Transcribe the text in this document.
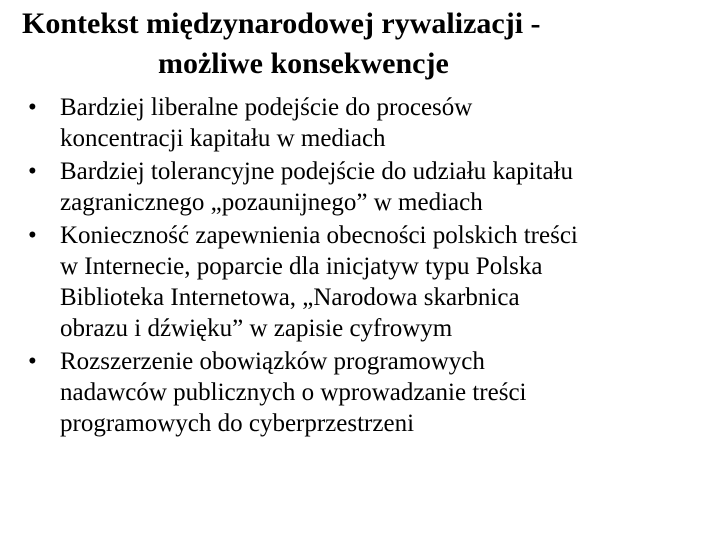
Kontekst międzynarodowej rywalizacji -
możliwe konsekwencje
• Bardziej liberalne podejście do procesów
koncentracji kapitału w mediach
• Bardziej tolerancyjne podejście do udziału kapitału
zagranicznego „pozaunijnego” w mediach
• Konieczność zapewnienia obecności polskich treści
w Internecie, poparcie dla inicjatyw typu Polska
Biblioteka Internetowa, „Narodowa skarbnica
obrazu i dźwięku” w zapisie cyfrowym
• Rozszerzenie obowiązków programowych
nadawców publicznych o wprowadzanie treści
programowych do cyberprzestrzeni
